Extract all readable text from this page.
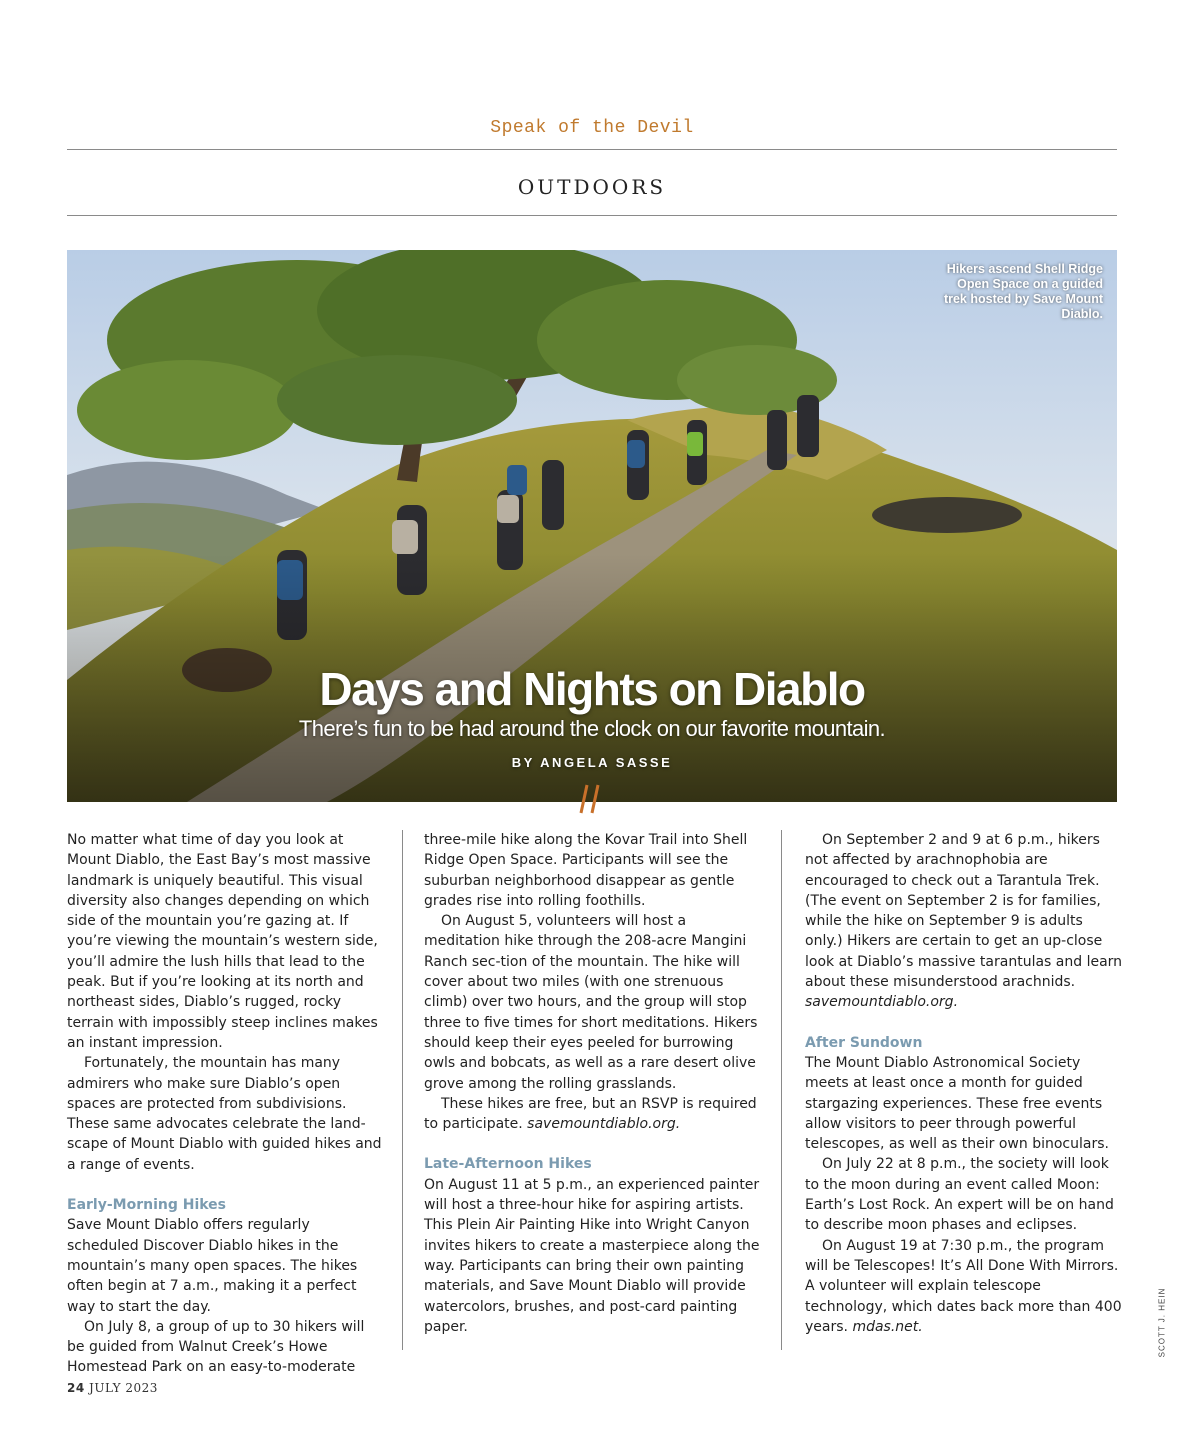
Speak of the Devil
OUTDOORS
Hikers ascend Shell Ridge Open Space on a guided trek hosted by Save Mount Diablo.
Days and Nights on Diablo
There’s fun to be had around the clock on our favorite mountain.
BY ANGELA SASSE

No matter what time of day you look at Mount Diablo, the East Bay’s most massive landmark is uniquely beautiful. This visual diversity also changes depending on which side of the mountain you’re gazing at. If you’re viewing the mountain’s western side, you’ll admire the lush hills that lead to the peak. But if you’re looking at its north and northeast sides, Diablo’s rugged, rocky terrain with impossibly steep inclines makes an instant impression.

Fortunately, the mountain has many admirers who make sure Diablo’s open spaces are protected from subdivisions. These same advocates celebrate the land-scape of Mount Diablo with guided hikes and a range of events.

Early-Morning Hikes

Save Mount Diablo offers regularly scheduled Discover Diablo hikes in the mountain’s many open spaces. The hikes often begin at 7 a.m., making it a perfect way to start the day.

On July 8, a group of up to 30 hikers will be guided from Walnut Creek’s Howe Homestead Park on an easy-to-moderate

three-mile hike along the Kovar Trail into Shell Ridge Open Space. Participants will see the suburban neighborhood disappear as gentle grades rise into rolling foothills.

On August 5, volunteers will host a meditation hike through the 208-acre Mangini Ranch sec-tion of the mountain. The hike will cover about two miles (with one strenuous climb) over two hours, and the group will stop three to five times for short meditations. Hikers should keep their eyes peeled for burrowing owls and bobcats, as well as a rare desert olive grove among the rolling grasslands.

These hikes are free, but an RSVP is required to participate. savemountdiablo.org.

Late-Afternoon Hikes

On August 11 at 5 p.m., an experienced painter will host a three-hour hike for aspiring artists. This Plein Air Painting Hike into Wright Canyon invites hikers to create a masterpiece along the way. Participants can bring their own painting materials, and Save Mount Diablo will provide watercolors, brushes, and post-card painting paper.

On September 2 and 9 at 6 p.m., hikers not affected by arachnophobia are encouraged to check out a Tarantula Trek. (The event on September 2 is for families, while the hike on September 9 is adults only.) Hikers are certain to get an up-close look at Diablo’s massive tarantulas and learn about these misunderstood arachnids. savemountdiablo.org.

After Sundown

The Mount Diablo Astronomical Society meets at least once a month for guided stargazing experiences. These free events allow visitors to peer through powerful telescopes, as well as their own binoculars.

On July 22 at 8 p.m., the society will look to the moon during an event called Moon: Earth’s Lost Rock. An expert will be on hand to describe moon phases and eclipses.

On August 19 at 7:30 p.m., the program will be Telescopes! It’s All Done With Mirrors. A volunteer will explain telescope technology, which dates back more than 400 years. mdas.net.

24 JULY 2023
SCOTT J. HEIN
